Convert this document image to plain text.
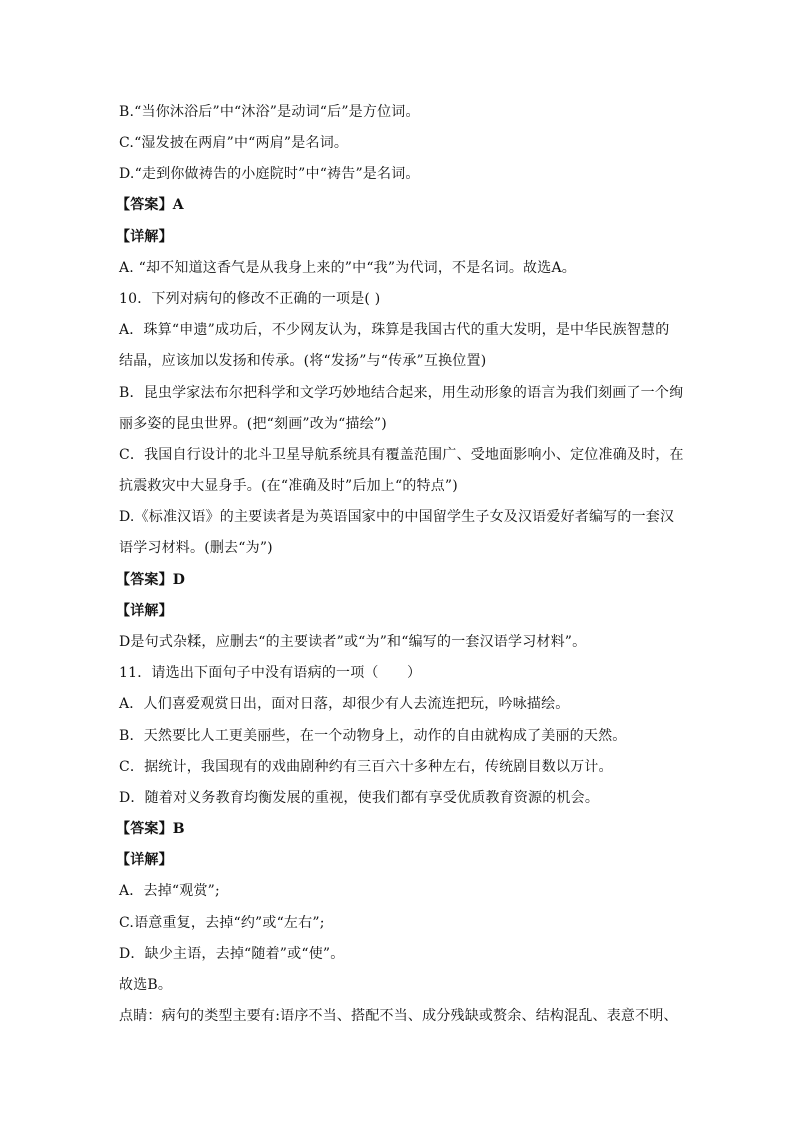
B.“当你沐浴后”中“沐浴”是动词“后”是方位词。
C.“湿发披在两肩”中“两肩”是名词。
D.“走到你做祷告的小庭院时”中“祷告”是名词。
【答案】A
【详解】
A. “却不知道这香气是从我身上来的”中“我”为代词，不是名词。故选A。
10．下列对病句的修改不正确的一项是( )
A．珠算“申遗”成功后，不少网友认为，珠算是我国古代的重大发明，是中华民族智慧的
结晶，应该加以发扬和传承。(将“发扬”与“传承”互换位置)
B．昆虫学家法布尔把科学和文学巧妙地结合起来，用生动形象的语言为我们刻画了一个绚
丽多姿的昆虫世界。(把“刻画”改为“描绘”)
C．我国自行设计的北斗卫星导航系统具有覆盖范围广、受地面影响小、定位准确及时，在
抗震救灾中大显身手。(在“准确及时”后加上“的特点”)
D.《标准汉语》的主要读者是为英语国家中的中国留学生子女及汉语爱好者编写的一套汉
语学习材料。(删去“为”)
【答案】D
【详解】
D是句式杂糅，应删去“的主要读者”或“为”和“编写的一套汉语学习材料”。
11．请选出下面句子中没有语病的一项（　　）
A．人们喜爱观赏日出，面对日落，却很少有人去流连把玩，吟咏描绘。
B．天然要比人工更美丽些，在一个动物身上，动作的自由就构成了美丽的天然。
C．据统计，我国现有的戏曲剧种约有三百六十多种左右，传统剧目数以万计。
D．随着对义务教育均衡发展的重视，使我们都有享受优质教育资源的机会。
【答案】B
【详解】
A．去掉“观赏”;
C.语意重复，去掉“约”或“左右”;
D．缺少主语，去掉“随着”或“使”。
故选B。
点睛：病句的类型主要有:语序不当、搭配不当、成分残缺或赘余、结构混乱、表意不明、
